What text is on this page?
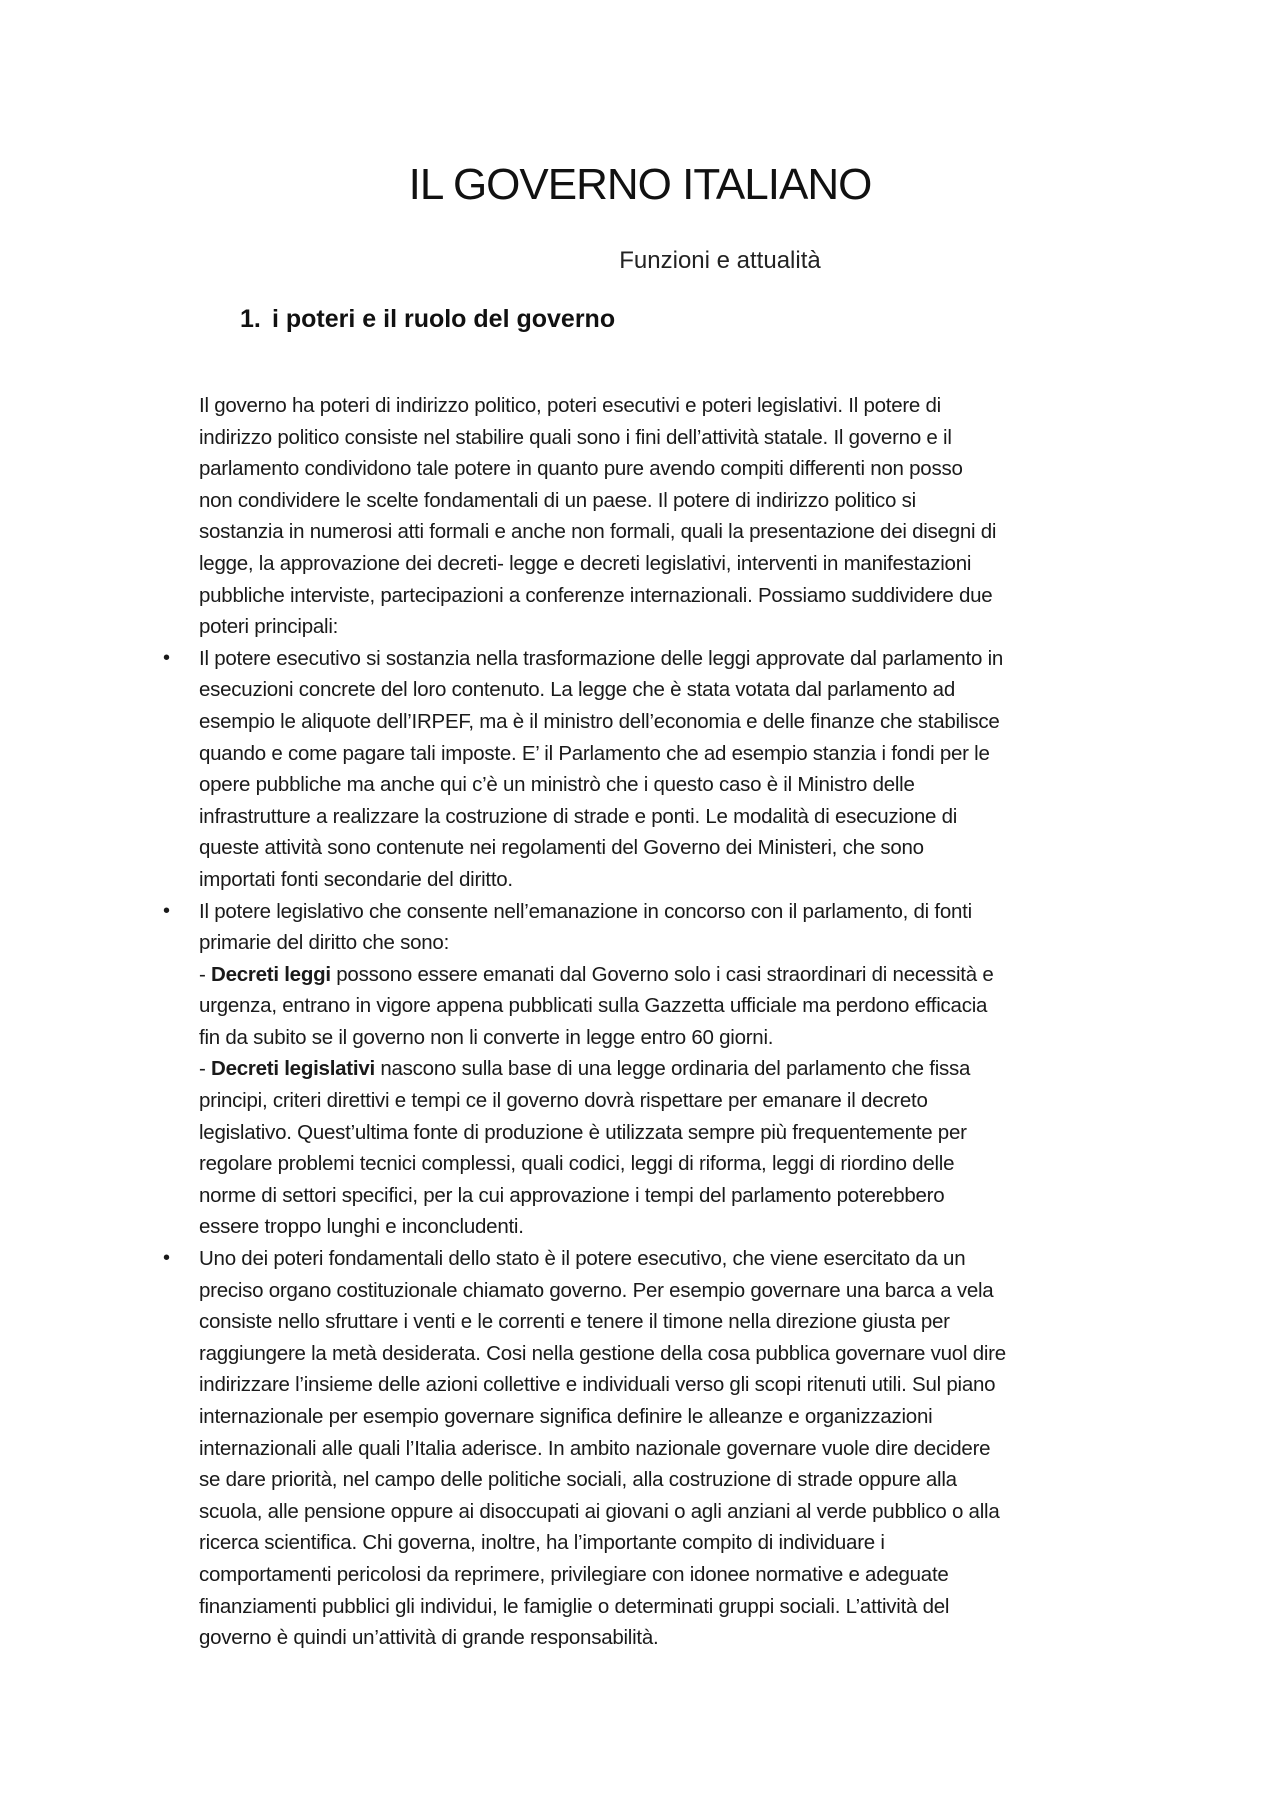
IL GOVERNO ITALIANO
Funzioni e attualità
1. i poteri e il ruolo del governo
Il governo ha poteri di indirizzo politico, poteri esecutivi e poteri legislativi. Il potere di
indirizzo politico consiste nel stabilire quali sono i fini dell’attività statale. Il governo e il
parlamento condividono tale potere in quanto pure avendo compiti differenti non posso
non condividere le scelte fondamentali di un paese. Il potere di indirizzo politico si
sostanzia in numerosi atti formali e anche non formali, quali la presentazione dei disegni di
legge, la approvazione dei decreti- legge e decreti legislativi, interventi in manifestazioni
pubbliche interviste, partecipazioni a conferenze internazionali. Possiamo suddividere due
poteri principali:
• Il potere esecutivo si sostanzia nella trasformazione delle leggi approvate dal parlamento in
esecuzioni concrete del loro contenuto. La legge che è stata votata dal parlamento ad
esempio le aliquote dell’IRPEF, ma è il ministro dell’economia e delle finanze che stabilisce
quando e come pagare tali imposte. E’ il Parlamento che ad esempio stanzia i fondi per le
opere pubbliche ma anche qui c’è un ministrò che i questo caso è il Ministro delle
infrastrutture a realizzare la costruzione di strade e ponti. Le modalità di esecuzione di
queste attività sono contenute nei regolamenti del Governo dei Ministeri, che sono
importati fonti secondarie del diritto.
• Il potere legislativo che consente nell’emanazione in concorso con il parlamento, di fonti
primarie del diritto che sono:
- Decreti leggi possono essere emanati dal Governo solo i casi straordinari di necessità e
urgenza, entrano in vigore appena pubblicati sulla Gazzetta ufficiale ma perdono efficacia
fin da subito se il governo non li converte in legge entro 60 giorni.
- Decreti legislativi nascono sulla base di una legge ordinaria del parlamento che fissa
principi, criteri direttivi e tempi ce il governo dovrà rispettare per emanare il decreto
legislativo. Quest’ultima fonte di produzione è utilizzata sempre più frequentemente per
regolare problemi tecnici complessi, quali codici, leggi di riforma, leggi di riordino delle
norme di settori specifici, per la cui approvazione i tempi del parlamento poterebbero
essere troppo lunghi e inconcludenti.
• Uno dei poteri fondamentali dello stato è il potere esecutivo, che viene esercitato da un
preciso organo costituzionale chiamato governo. Per esempio governare una barca a vela
consiste nello sfruttare i venti e le correnti e tenere il timone nella direzione giusta per
raggiungere la metà desiderata. Cosi nella gestione della cosa pubblica governare vuol dire
indirizzare l’insieme delle azioni collettive e individuali verso gli scopi ritenuti utili. Sul piano
internazionale per esempio governare significa definire le alleanze e organizzazioni
internazionali alle quali l’Italia aderisce. In ambito nazionale governare vuole dire decidere
se dare priorità, nel campo delle politiche sociali, alla costruzione di strade oppure alla
scuola, alle pensione oppure ai disoccupati ai giovani o agli anziani al verde pubblico o alla
ricerca scientifica. Chi governa, inoltre, ha l’importante compito di individuare i
comportamenti pericolosi da reprimere, privilegiare con idonee normative e adeguate
finanziamenti pubblici gli individui, le famiglie o determinati gruppi sociali. L’attività del
governo è quindi un’attività di grande responsabilità.
